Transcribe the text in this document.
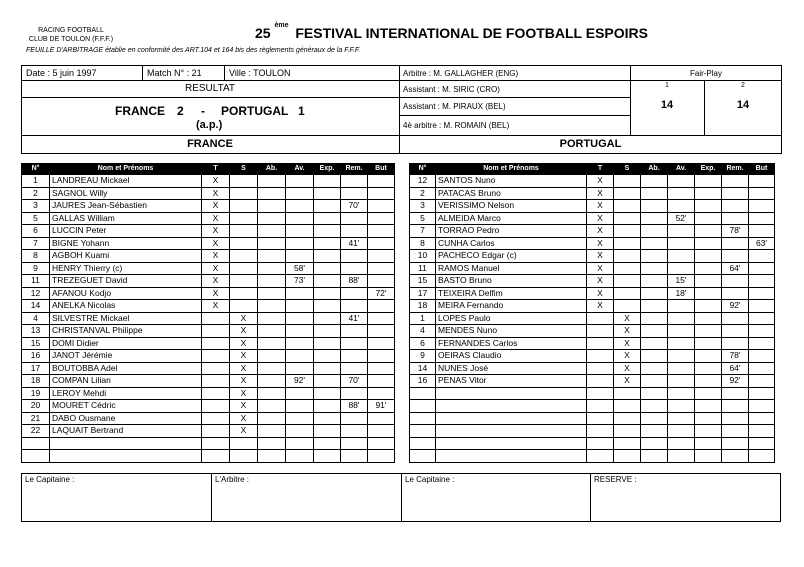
RACING FOOTBALL
CLUB DE TOULON (F.F.F.)	25 $^{ème}$ FESTIVAL INTERNATIONAL DE FOOTBALL ESPOIRS
FEUILLE D'ARBITRAGE établie en conformité des ART.104 et 164 bis des règlements généraux de la F.F.F.
Date : 5 juin 1997	Match N° : 21	Ville : TOULON
RESULTAT
FRANCE 2 - PORTUGAL 1
(a.p.)
Arbitre : M. GALLAGHER (ENG)
Assistant : M. SIRIC (CRO)
Assistant : M. PIRAUX (BEL)
4è arbitre : M. ROMAIN (BEL)
Fair-Play
1	2
14	14
FRANCE	PORTUGAL
N°	Nom et Prénoms	T	S	Ab.	Av.	Exp.	Rem.	But
1	LANDREAU Mickael	X						
2	SAGNOL Willy	X						
3	JAURES Jean-Sébastien	X					70'	
5	GALLAS William	X						
6	LUCCIN Peter	X						
7	BIGNE Yohann	X					41'	
8	AGBOH Kuami	X						
9	HENRY Thierry (c)	X			58'			
11	TREZEGUET David	X			73'		88'	
12	AFANOU Kodjo	X						72'
14	ANELKA Nicolas	X						
4	SILVESTRE Mickael		X				41'	
13	CHRISTANVAL Philippe		X					
15	DOMI Didier		X					
16	JANOT Jérémie		X					
17	BOUTOBBA Adel		X					
18	COMPAN Lilian		X		92'		70'	
19	LEROY Mehdi		X					
20	MOURET Cédric		X				88'	91'
21	DABO Ousmane		X					
22	LAQUAIT Bertrand		X					

N°	Nom et Prénoms	T	S	Ab.	Av.	Exp.	Rem.	But
12	SANTOS Nuno	X						
2	PATACAS Bruno	X						
3	VERISSIMO Nelson	X						
5	ALMEIDA Marco	X			52'			
7	TORRAO Pedro	X					78'	
8	CUNHA Carlos	X						63'
10	PACHECO Edgar (c)	X						
11	RAMOS Manuel	X					64'	
15	BASTO Bruno	X			15'			
17	TEIXEIRA Delfim	X			18'			
18	MEIRA Fernando	X					92'	
1	LOPES Paulo		X					
4	MENDES Nuno		X					
6	FERNANDES Carlos		X					
9	OEIRAS Claudio		X				78'	
14	NUNES José		X				64'	
16	PENAS Vitor		X				92'	

Le Capitaine :	L'Arbitre :	Le Capitaine :	RESERVE :
